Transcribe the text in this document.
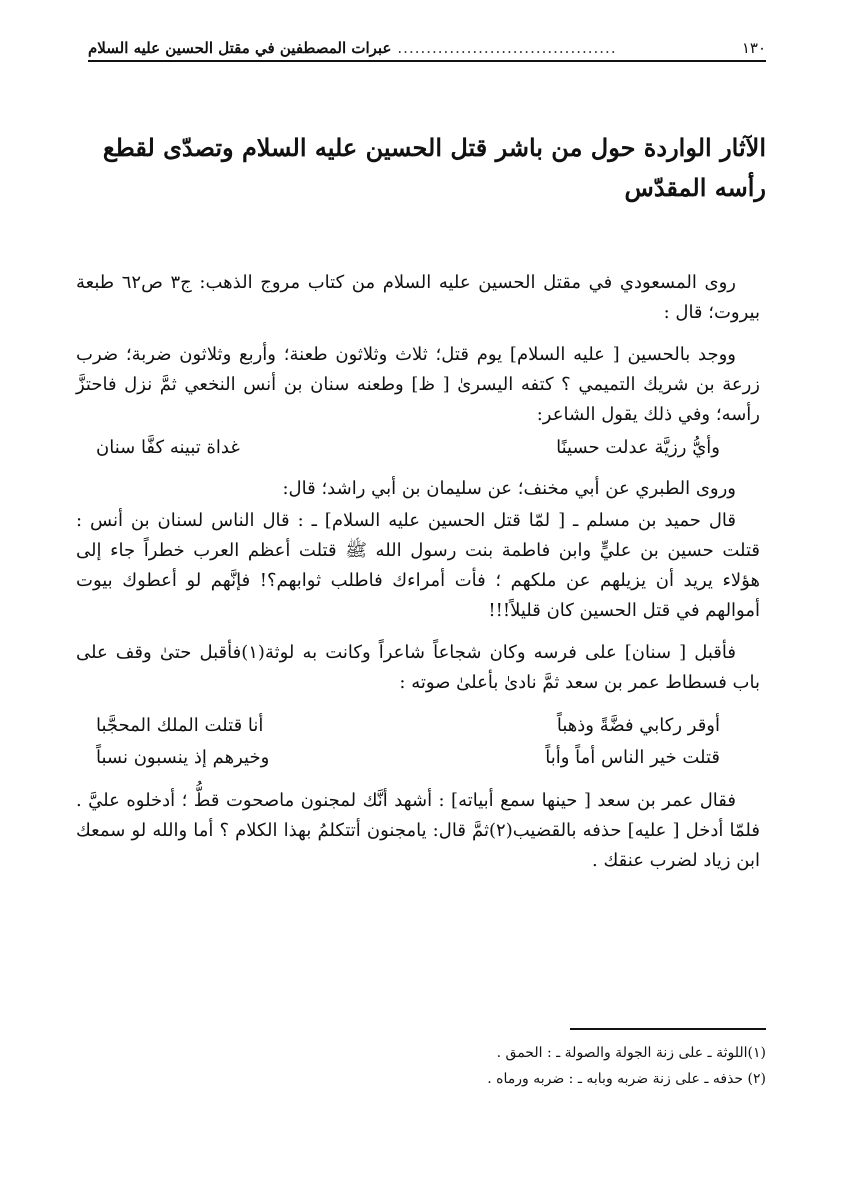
١٣٠
......................................
عبرات المصطفين في مقتل الحسين عليه السلام
الآثار الواردة حول من باشر قتل الحسين عليه السلام وتصدّى لقطع رأسه المقدّس

روى المسعودي في مقتل الحسين عليه السلام من كتاب مروج الذهب: ج٣ ص٦٢ طبعة بيروت؛ قال :

ووجد بالحسين [ عليه السلام] يوم قتل؛ ثلاث وثلاثون طعنة؛ وأربع وثلاثون ضربة؛ ضرب زرعة بن شريك التميمي ؟ كتفه اليسرىٰ [ ظ] وطعنه سنان بن أنس النخعي ثمَّ نزل فاحتزَّ رأسه؛ وفي ذلك يقول الشاعر:

وأيُّ رزيَّة عدلت حسينًا
غداة تبينه كفَّا سنان

وروى الطبري عن أبي مخنف؛ عن سليمان بن أبي راشد؛ قال:

قال حميد بن مسلم ـ [ لمّا قتل الحسين عليه السلام] ـ : قال الناس لسنان بن أنس : قتلت حسين بن عليٍّ وابن فاطمة بنت رسول الله ﷺ قتلت أعظم العرب خطراً جاء إلى هؤلاء يريد أن يزيلهم عن ملكهم ؛ فأت أمراءك فاطلب ثوابهم؟! فإنَّهم لو أعطوك بيوت أموالهم في قتل الحسين كان قليلاً!!!

فأقبل [ سنان] على فرسه وكان شجاعاً شاعراً وكانت به لوثة(١)فأقبل حتىٰ وقف على باب فسطاط عمر بن سعد ثمَّ نادىٰ بأعلىٰ صوته :

أوقر ركابي فضَّةً وذهباً
أنا قتلت الملك المحجَّبا
قتلت خير الناس أماً وأباً
وخيرهم إذ ينسبون نسباً

فقال عمر بن سعد [ حينها سمع أبياته] : أشهد أنَّك لمجنون ماصحوت قطُّ ؛ أدخلوه عليَّ . فلمّا أدخل [ عليه] حذفه بالقضيب(٢)ثمَّ قال: يامجنون أتتكلمُ بهذا الكلام ؟ أما والله لو سمعك ابن زياد لضرب عنقك .

(١)اللوثة ـ على زنة الجولة والصولة ـ : الحمق .

(٢) حذفه ـ على زنة ضربه وبابه ـ : ضربه ورماه .
